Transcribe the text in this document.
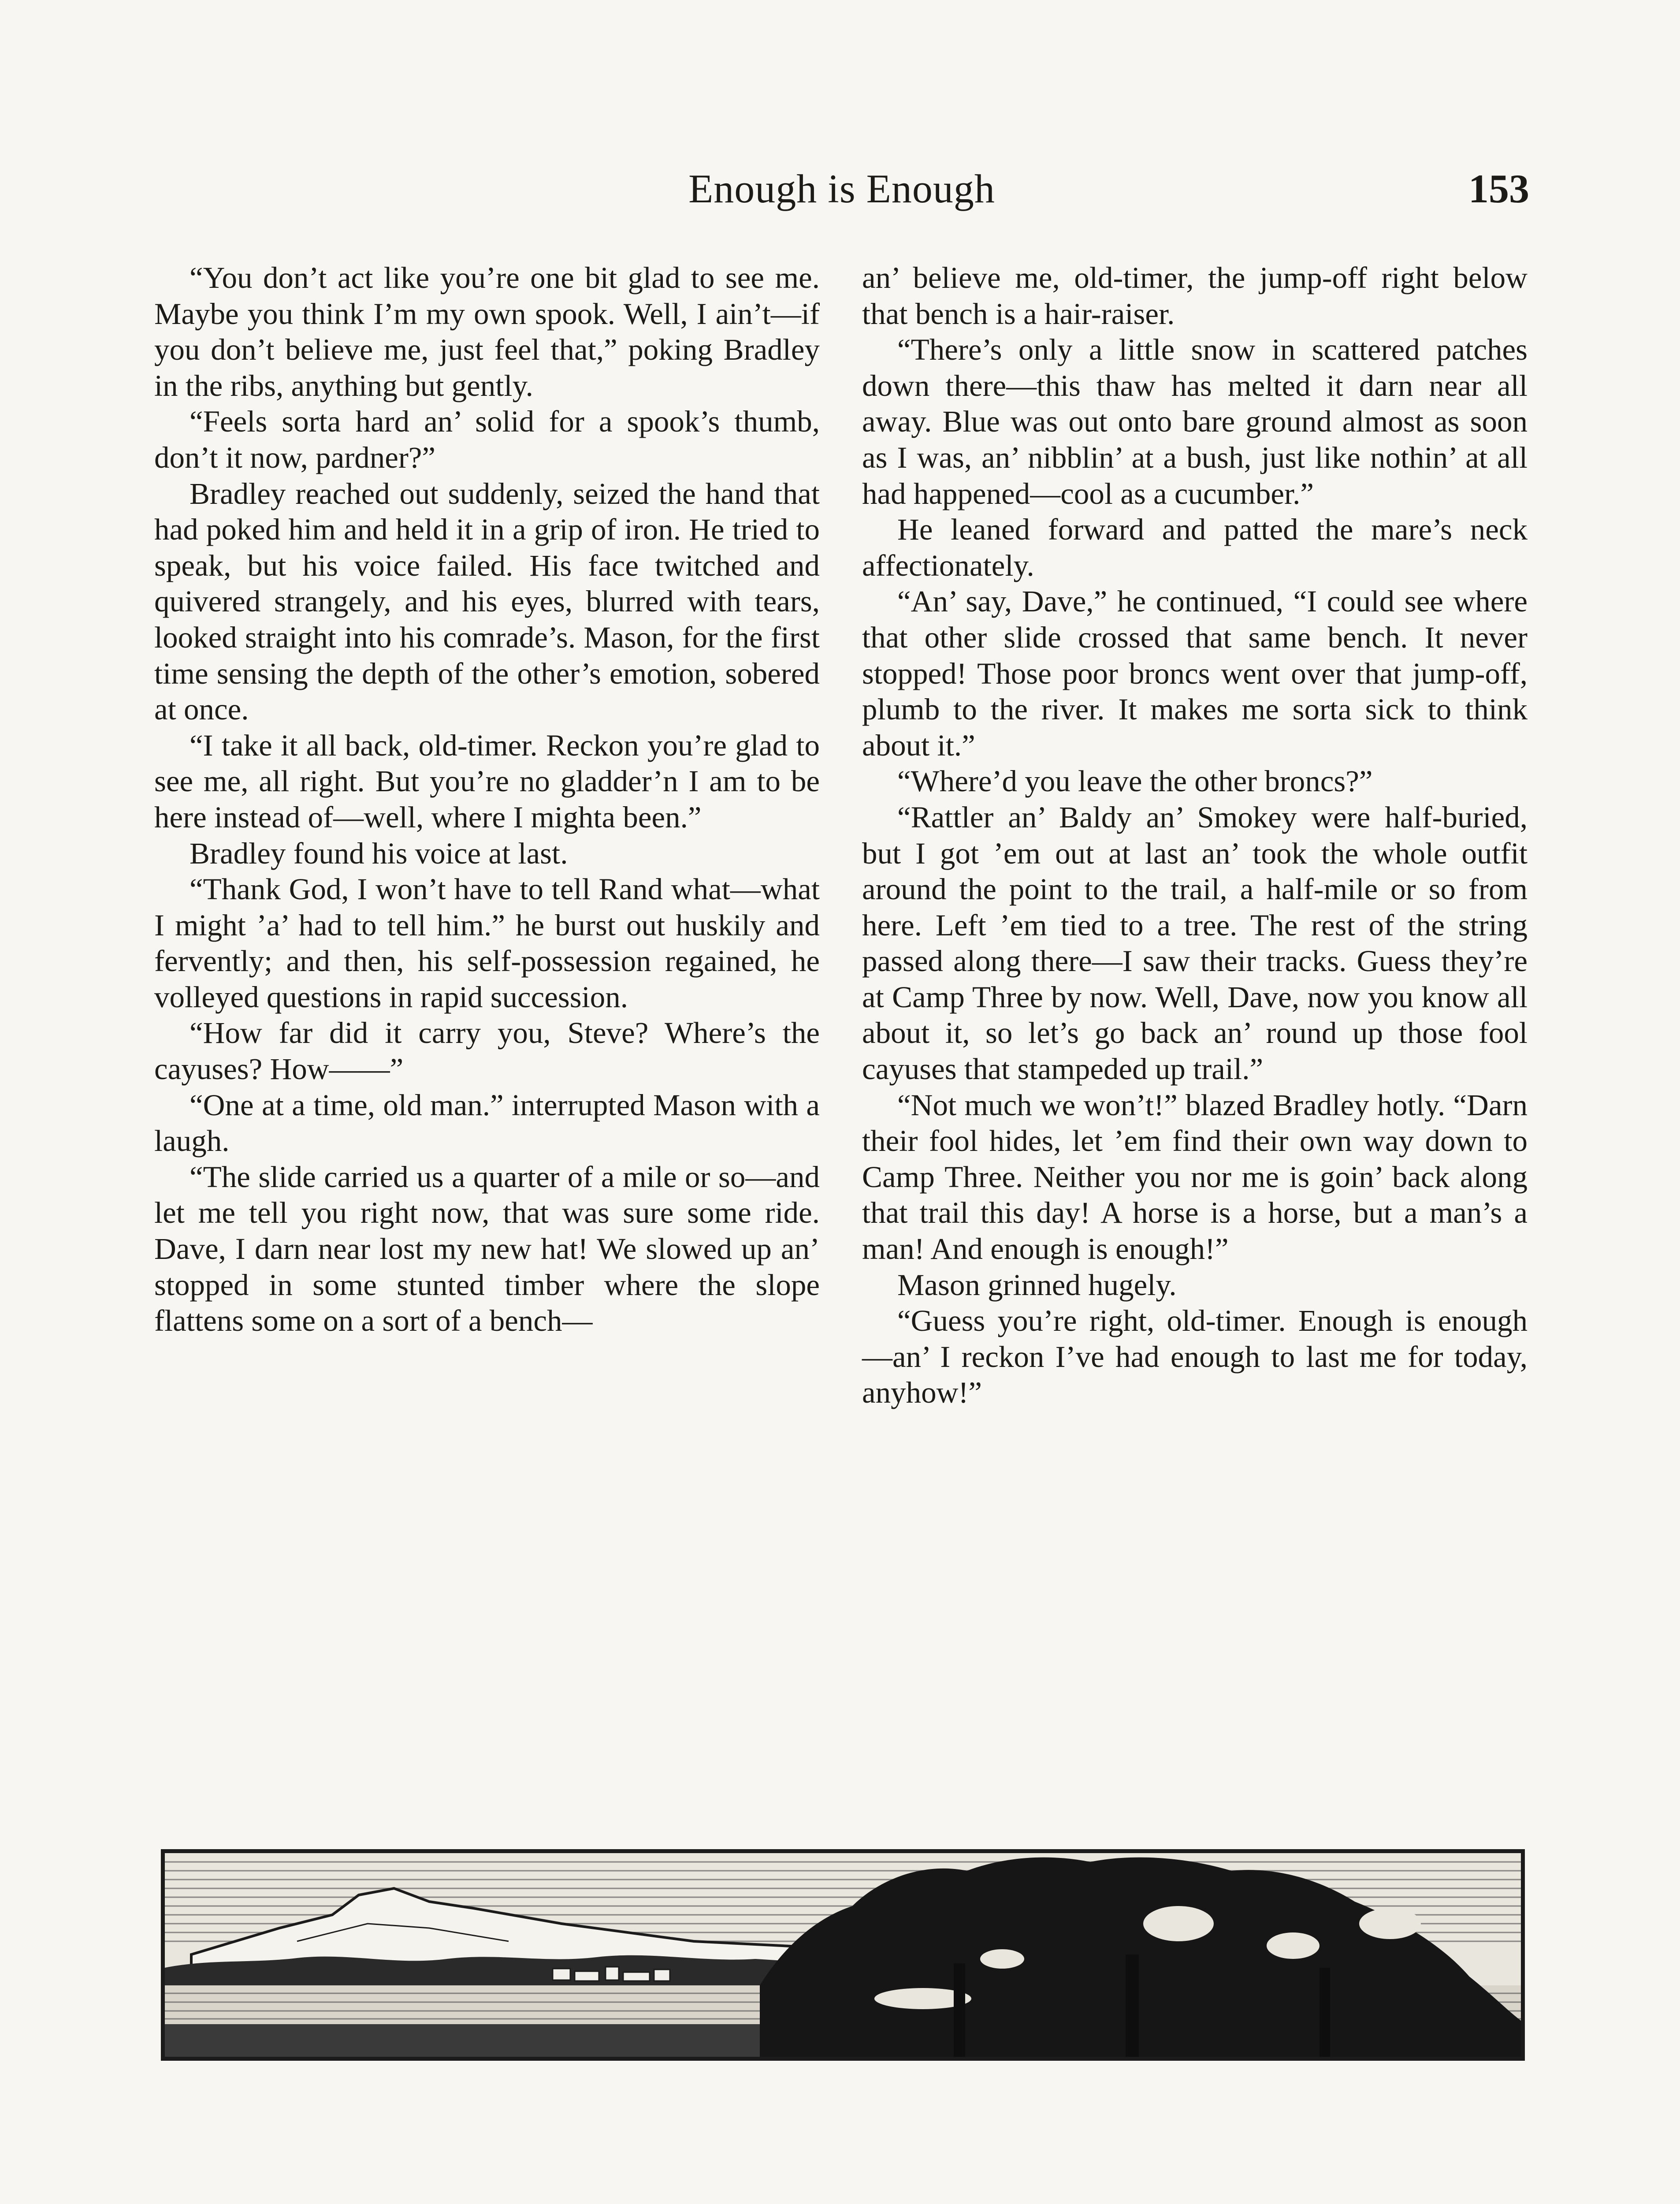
Enough is Enough	153

“You don’t act like you’re one bit glad to see me. Maybe you think I’m my own spook. Well, I ain’t—if you don’t believe me, just feel that,” poking Bradley in the ribs, anything but gently.

“Feels sorta hard an’ solid for a spook’s thumb, don’t it now, pardner?”

Bradley reached out suddenly, seized the hand that had poked him and held it in a grip of iron. He tried to speak, but his voice failed. His face twitched and quivered strangely, and his eyes, blurred with tears, looked straight into his comrade’s. Mason, for the first time sensing the depth of the other’s emotion, sobered at once.

“I take it all back, old-timer. Reckon you’re glad to see me, all right. But you’re no gladder’n I am to be here instead of—well, where I mighta been.”

Bradley found his voice at last.

“Thank God, I won’t have to tell Rand what—what I might ’a’ had to tell him.” he burst out huskily and fervently; and then, his self-possession regained, he volleyed questions in rapid succession.

“How far did it carry you, Steve? Where’s the cayuses? How——”

“One at a time, old man.” interrupted Mason with a laugh.

“The slide carried us a quarter of a mile or so—and let me tell you right now, that was sure some ride. Dave, I darn near lost my new hat! We slowed up an’ stopped in some stunted timber where the slope flattens some on a sort of a bench—

an’ believe me, old-timer, the jump-off right below that bench is a hair-raiser.

“There’s only a little snow in scattered patches down there—this thaw has melted it darn near all away. Blue was out onto bare ground almost as soon as I was, an’ nibblin’ at a bush, just like nothin’ at all had happened—cool as a cucumber.”

He leaned forward and patted the mare’s neck affectionately.

“An’ say, Dave,” he continued, “I could see where that other slide crossed that same bench. It never stopped! Those poor broncs went over that jump-off, plumb to the river. It makes me sorta sick to think about it.”

“Where’d you leave the other broncs?”

“Rattler an’ Baldy an’ Smokey were half-buried, but I got ’em out at last an’ took the whole outfit around the point to the trail, a half-mile or so from here. Left ’em tied to a tree. The rest of the string passed along there—I saw their tracks. Guess they’re at Camp Three by now. Well, Dave, now you know all about it, so let’s go back an’ round up those fool cayuses that stampeded up trail.”

“Not much we won’t!” blazed Bradley hotly. “Darn their fool hides, let ’em find their own way down to Camp Three. Neither you nor me is goin’ back along that trail this day! A horse is a horse, but a man’s a man! And enough is enough!”

Mason grinned hugely.

“Guess you’re right, old-timer. Enough is enough—an’ I reckon I’ve had enough to last me for today, anyhow!”
